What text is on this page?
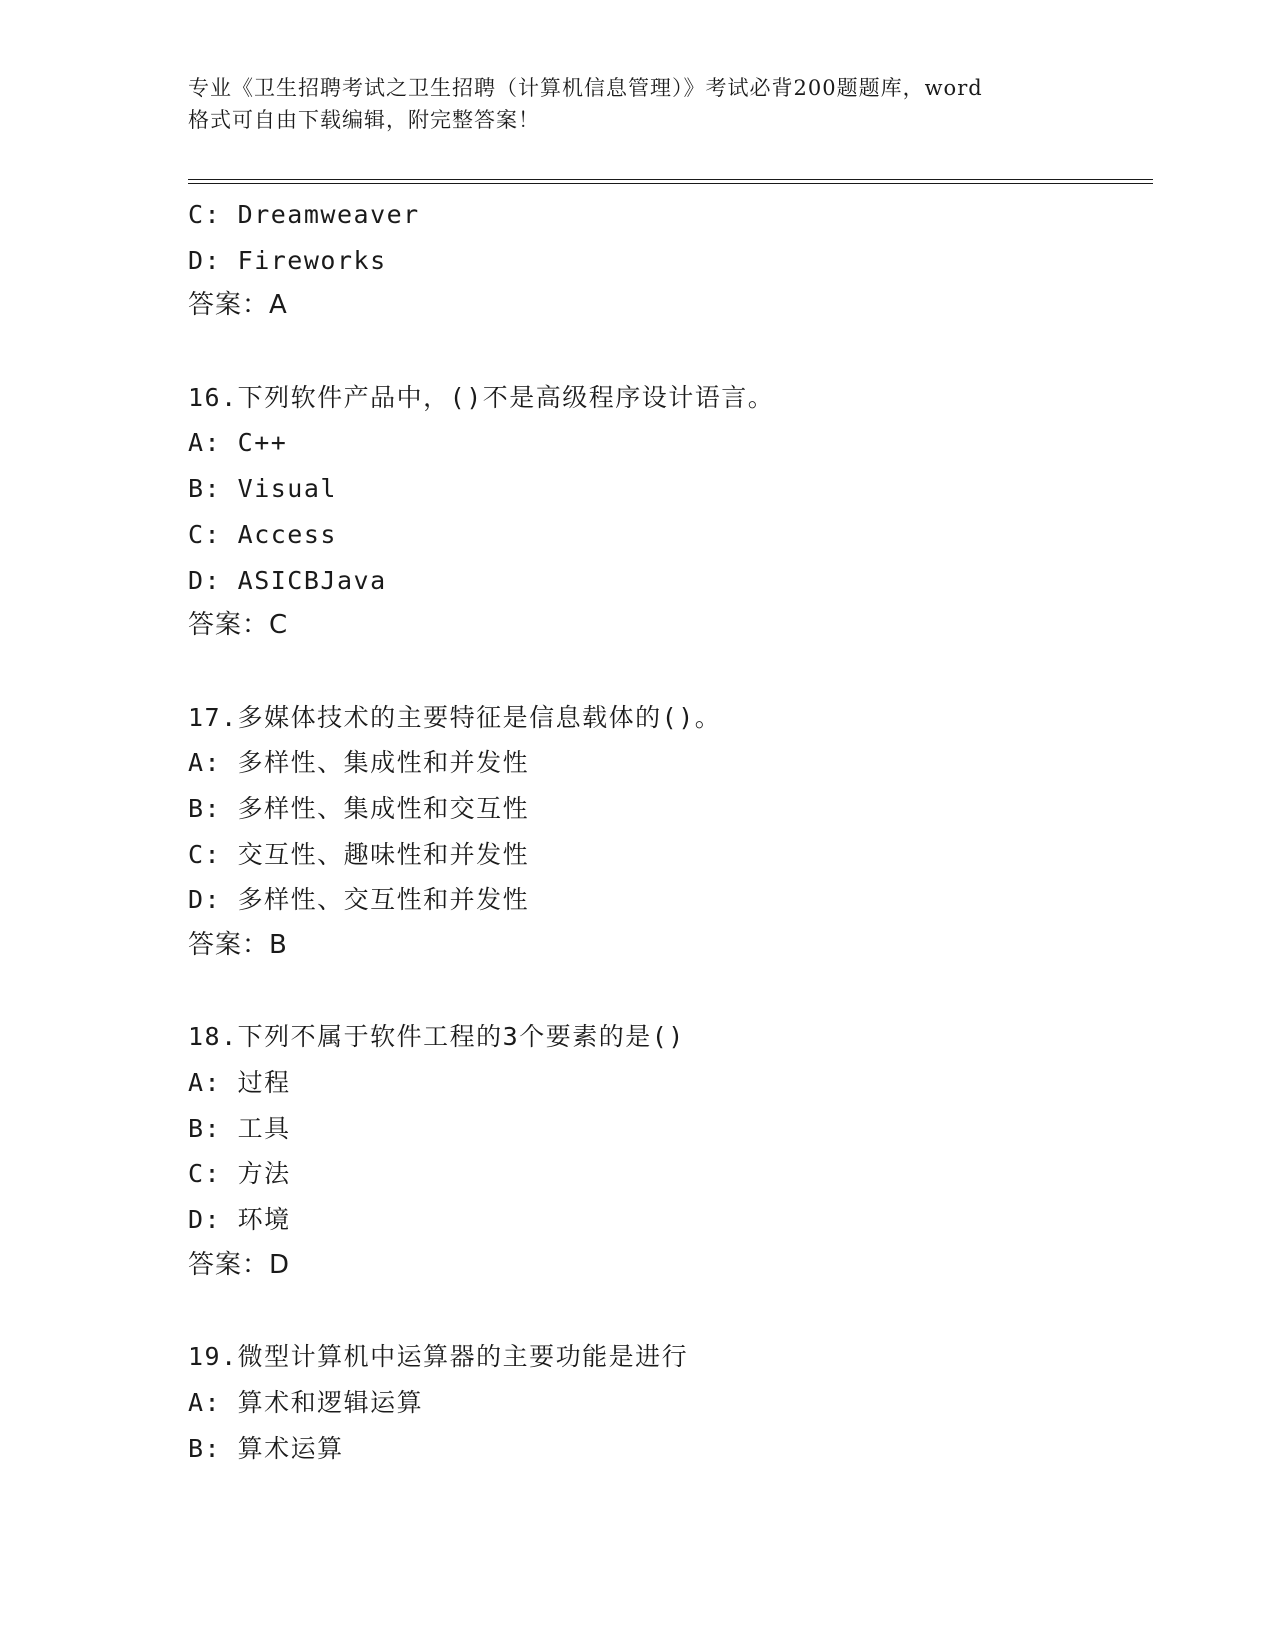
专业《卫生招聘考试之卫生招聘（计算机信息管理）》考试必背200题题库，word
格式可自由下载编辑，附完整答案！
C: Dreamweaver
D: Fireworks
答案：A
16.下列软件产品中，()不是高级程序设计语言。
A: C++
B: Visual
C: Access
D: ASICBJava
答案：C
17.多媒体技术的主要特征是信息载体的()。
A: 多样性、集成性和并发性
B: 多样性、集成性和交互性
C: 交互性、趣味性和并发性
D: 多样性、交互性和并发性
答案：B
18.下列不属于软件工程的3个要素的是()
A: 过程
B: 工具
C: 方法
D: 环境
答案：D
19.微型计算机中运算器的主要功能是进行
A: 算术和逻辑运算
B: 算术运算
